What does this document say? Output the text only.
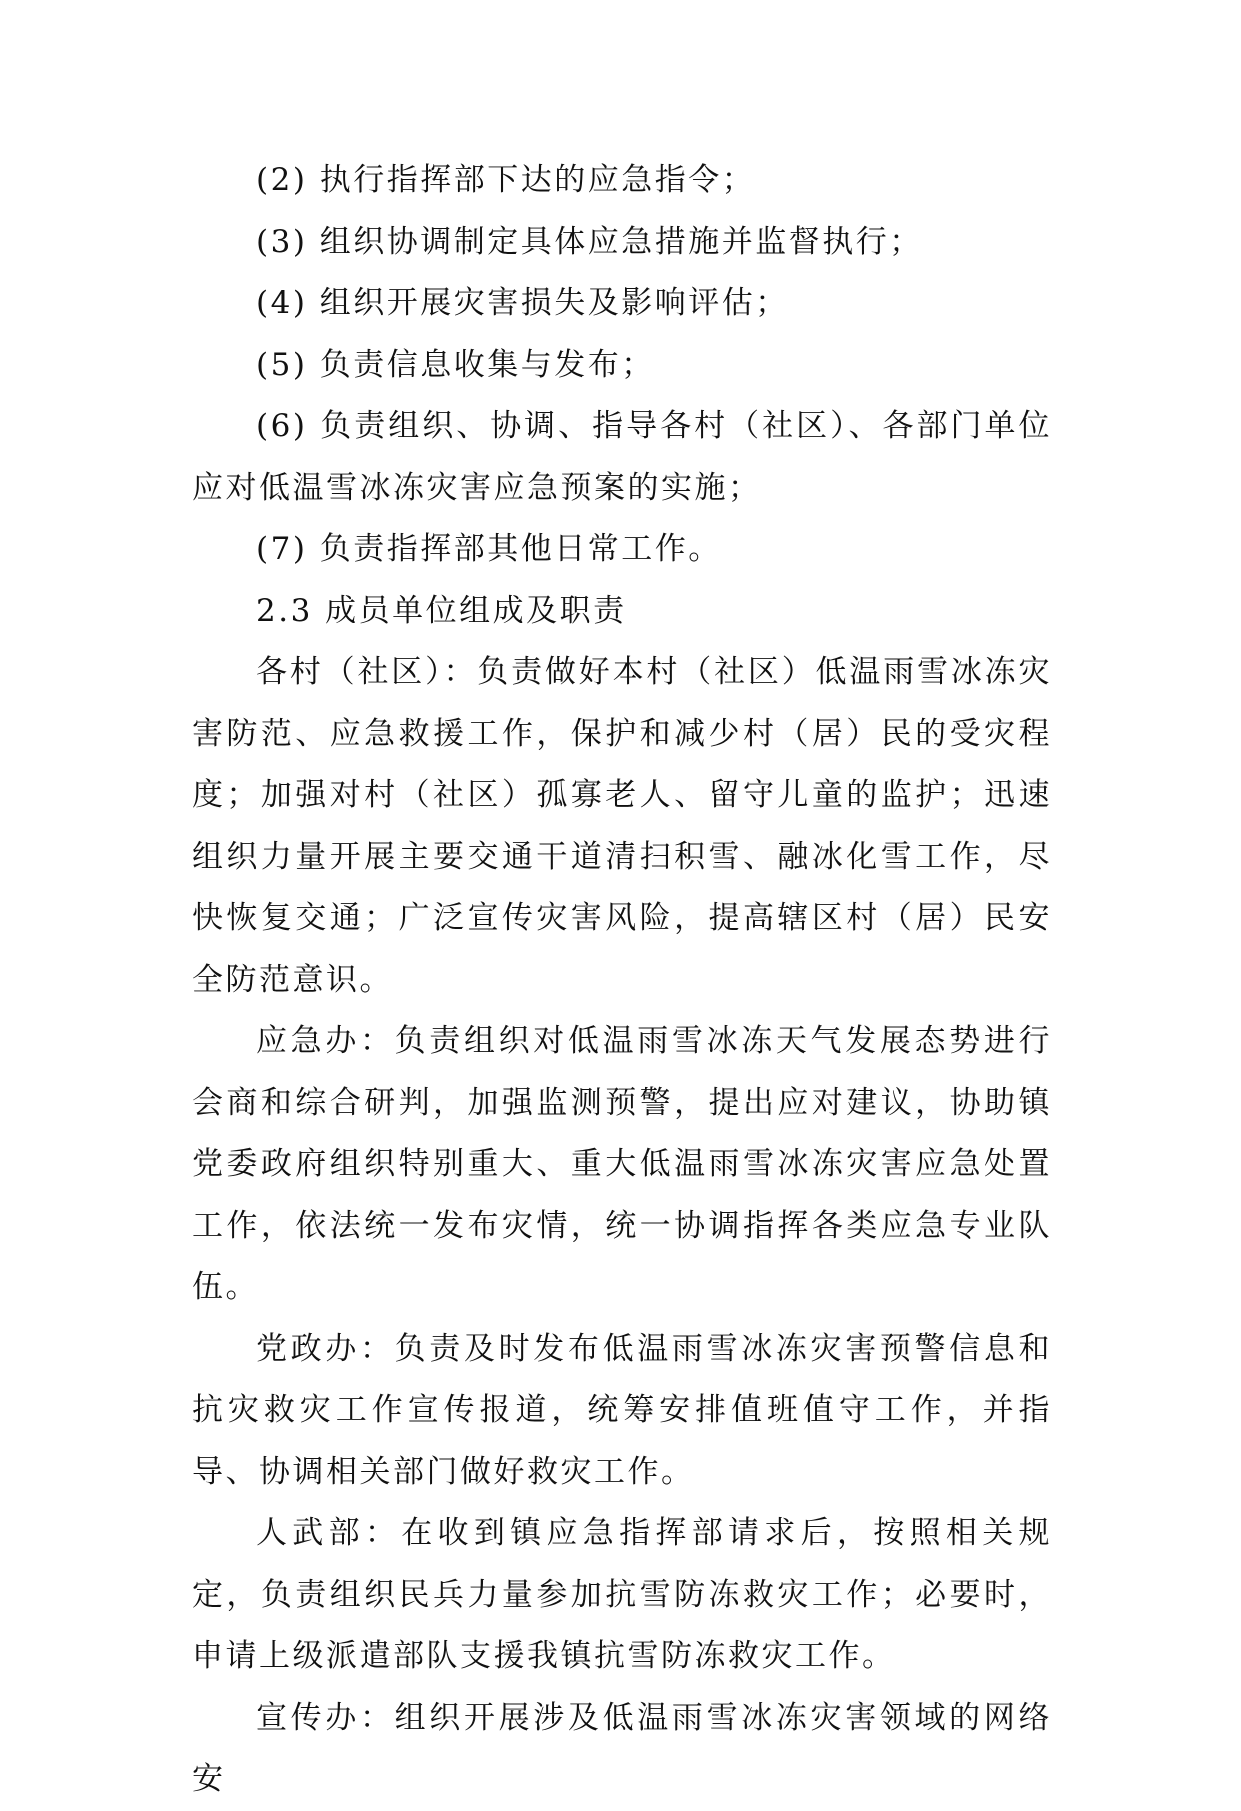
(2) 执行指挥部下达的应急指令；

(3) 组织协调制定具体应急措施并监督执行；

(4) 组织开展灾害损失及影响评估；

(5) 负责信息收集与发布；

(6) 负责组织、协调、指导各村（社区）、各部门单位应对低温雪冰冻灾害应急预案的实施；

(7) 负责指挥部其他日常工作。

2.3 成员单位组成及职责

各村（社区）：负责做好本村（社区）低温雨雪冰冻灾害防范、应急救援工作，保护和减少村（居）民的受灾程度；加强对村（社区）孤寡老人、留守儿童的监护；迅速组织力量开展主要交通干道清扫积雪、融冰化雪工作，尽快恢复交通；广泛宣传灾害风险，提高辖区村（居）民安全防范意识。

应急办：负责组织对低温雨雪冰冻天气发展态势进行会商和综合研判，加强监测预警，提出应对建议，协助镇党委政府组织特别重大、重大低温雨雪冰冻灾害应急处置工作，依法统一发布灾情，统一协调指挥各类应急专业队伍。

党政办：负责及时发布低温雨雪冰冻灾害预警信息和抗灾救灾工作宣传报道，统筹安排值班值守工作，并指导、协调相关部门做好救灾工作。

人武部：在收到镇应急指挥部请求后，按照相关规定，负责组织民兵力量参加抗雪防冻救灾工作；必要时，申请上级派遣部队支援我镇抗雪防冻救灾工作。

宣传办：组织开展涉及低温雨雪冰冻灾害领域的网络安
